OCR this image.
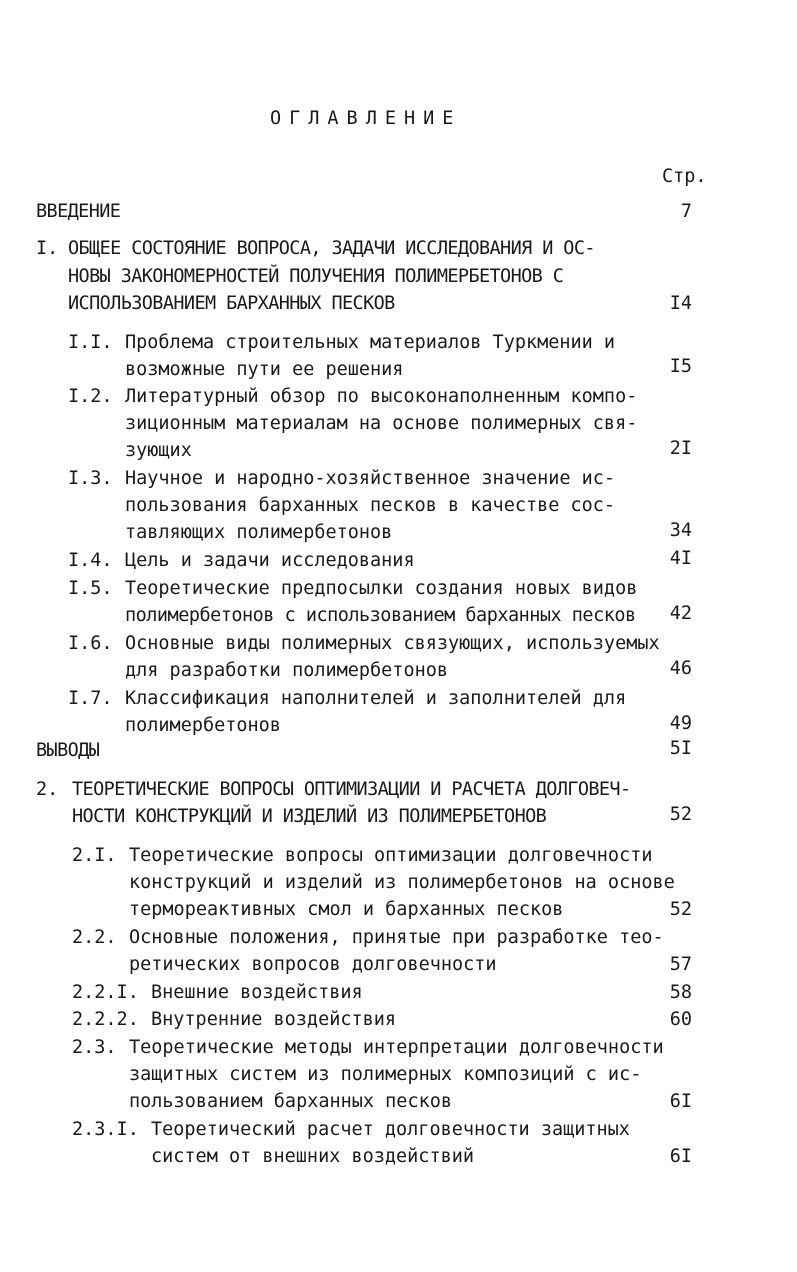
ОГЛАВЛЕНИЕ
Стр.
ВВЕДЕНИЕ	7
I. ОБЩЕЕ СОСТОЯНИЕ ВОПРОСА, ЗАДАЧИ ИССЛЕДОВАНИЯ И ОС-
НОВЫ ЗАКОНОМЕРНОСТЕЙ ПОЛУЧЕНИЯ ПОЛИМЕРБЕТОНОВ С
ИСПОЛЬЗОВАНИЕМ БАРХАННЫХ ПЕСКОВ	I4
I.I. Проблема строительных материалов Туркмении и
возможные пути ее решения	I5
I.2. Литературный обзор по высоконаполненным компо-
зиционным материалам на основе полимерных свя-
зующих	2I
I.3. Научное и народно-хозяйственное значение ис-
пользования барханных песков в качестве сос-
тавляющих полимербетонов	34
I.4. Цель и задачи исследования	4I
I.5. Теоретические предпосылки создания новых видов
полимербетонов с использованием барханных песков	42
I.6. Основные виды полимерных связующих, используемых
для разработки полимербетонов	46
I.7. Классификация наполнителей и заполнителей для
полимербетонов	49
ВЫВОДЫ	5I
2. ТЕОРЕТИЧЕСКИЕ ВОПРОСЫ ОПТИМИЗАЦИИ И РАСЧЕТА ДОЛГОВЕЧ-
НОСТИ КОНСТРУКЦИЙ И ИЗДЕЛИЙ ИЗ ПОЛИМЕРБЕТОНОВ	52
2.I. Теоретические вопросы оптимизации долговечности
конструкций и изделий из полимербетонов на основе
термореактивных смол и барханных песков	52
2.2. Основные положения, принятые при разработке тео-
ретических вопросов долговечности	57
2.2.I. Внешние воздействия	58
2.2.2. Внутренние воздействия	60
2.3. Теоретические методы интерпретации долговечности
защитных систем из полимерных композиций с ис-
пользованием барханных песков	6I
2.3.I. Теоретический расчет долговечности защитных
систем от внешних воздействий	6I
